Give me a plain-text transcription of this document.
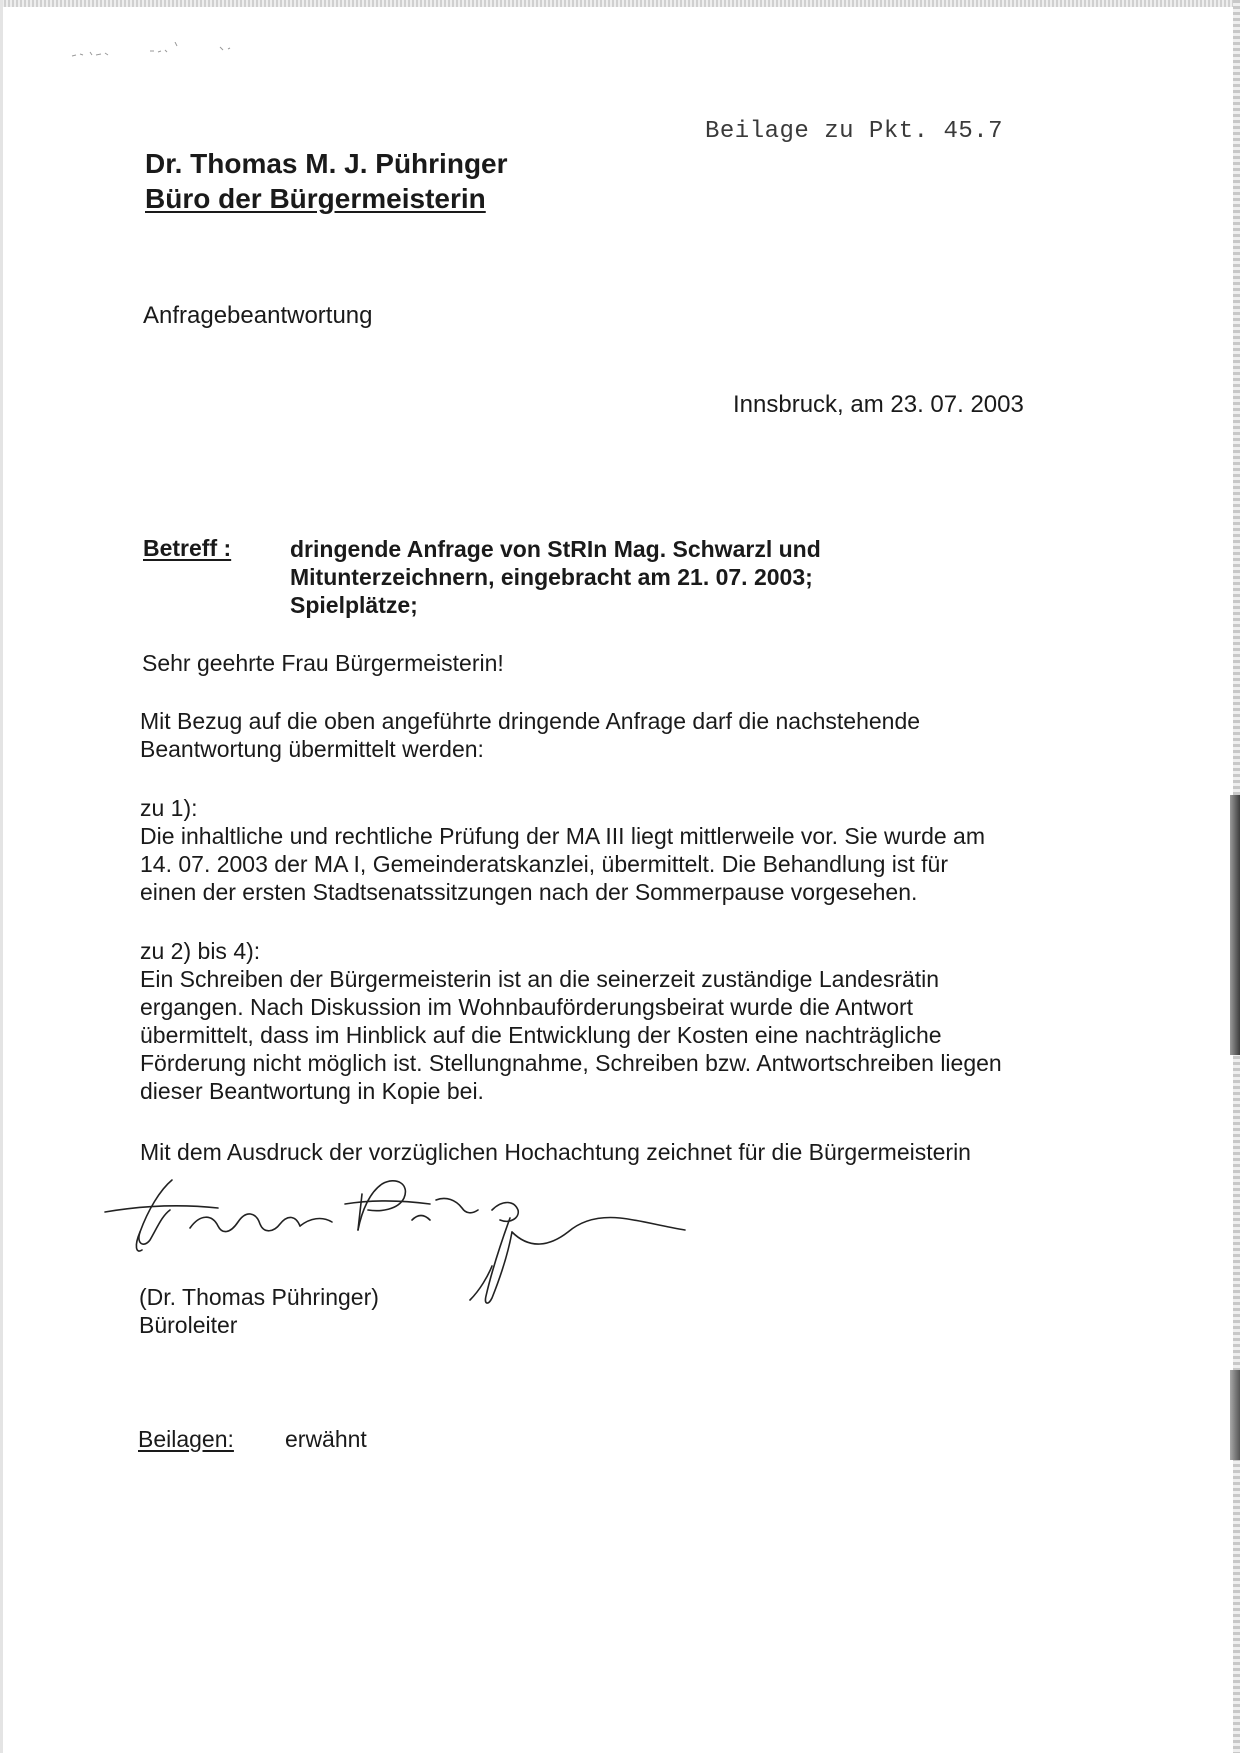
Beilage zu Pkt. 45.7
Dr. Thomas M. J. Pühringer
Büro der Bürgermeisterin
Anfragebeantwortung
Innsbruck, am 23. 07. 2003
Betreff :	dringende Anfrage von StRIn Mag. Schwarzl und
Mitunterzeichnern, eingebracht am 21. 07. 2003;
Spielplätze;
Sehr geehrte Frau Bürgermeisterin!
Mit Bezug auf die oben angeführte dringende Anfrage darf die nachstehende
Beantwortung übermittelt werden:
zu 1):
Die inhaltliche und rechtliche Prüfung der MA III liegt mittlerweile vor. Sie wurde am
14. 07. 2003 der MA I, Gemeinderatskanzlei, übermittelt. Die Behandlung ist für
einen der ersten Stadtsenatssitzungen nach der Sommerpause vorgesehen.
zu 2) bis 4):
Ein Schreiben der Bürgermeisterin ist an die seinerzeit zuständige Landesrätin
ergangen. Nach Diskussion im Wohnbauförderungsbeirat wurde die Antwort
übermittelt, dass im Hinblick auf die Entwicklung der Kosten eine nachträgliche
Förderung nicht möglich ist. Stellungnahme, Schreiben bzw. Antwortschreiben liegen
dieser Beantwortung in Kopie bei.
Mit dem Ausdruck der vorzüglichen Hochachtung zeichnet für die Bürgermeisterin
(Dr. Thomas Pühringer)
Büroleiter
Beilagen: erwähnt
